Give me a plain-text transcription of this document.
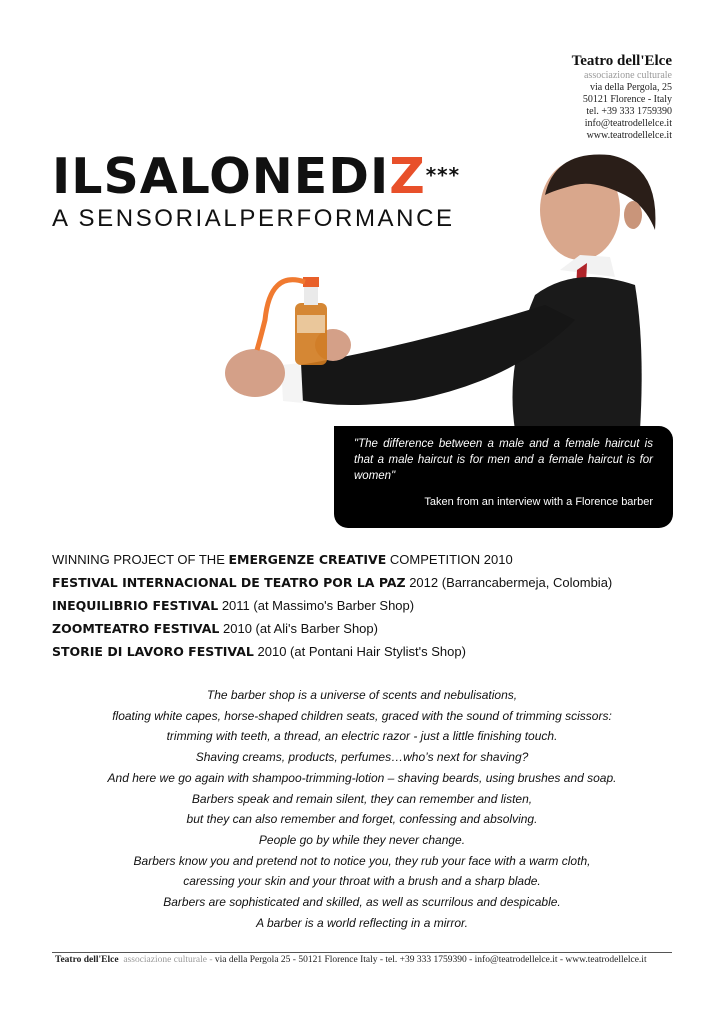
Teatro dell'Elce
associazione culturale
via della Pergola, 25
50121 Florence - Italy
tel. +39 333 1759390
info@teatrodellelce.it
www.teatrodellelce.it
ILSALONEDIZ***
A SENSORIALPERFORMANCE
"The difference between a male and a female haircut is that a male haircut is for men and a female haircut is for women"
Taken from an interview with a Florence barber
WINNING PROJECT OF THE EMERGENZE CREATIVE COMPETITION 2010
FESTIVAL INTERNACIONAL DE TEATRO POR LA PAZ 2012 (Barrancabermeja, Colombia)
INEQUILIBRIO FESTIVAL 2011 (at Massimo's Barber Shop)
ZOOMTEATRO FESTIVAL 2010 (at Ali's Barber Shop)
STORIE DI LAVORO FESTIVAL 2010 (at Pontani Hair Stylist's Shop)
The barber shop is a universe of scents and nebulisations,
floating white capes, horse-shaped children seats, graced with the sound of trimming scissors:
trimming with teeth, a thread, an electric razor - just a little finishing touch.
Shaving creams, products, perfumes…who’s next for shaving?
And here we go again with shampoo-trimming-lotion – shaving beards, using brushes and soap.
Barbers speak and remain silent, they can remember and listen,
but they can also remember and forget, confessing and absolving.
People go by while they never change.
Barbers know you and pretend not to notice you, they rub your face with a warm cloth,
caressing your skin and your throat with a brush and a sharp blade.
Barbers are sophisticated and skilled, as well as scurrilous and despicable.
A barber is a world reflecting in a mirror.
Teatro dell'Elce associazione culturale - via della Pergola 25 - 50121 Florence Italy - tel. +39 333 1759390 - info@teatrodellelce.it - www.teatrodellelce.it
